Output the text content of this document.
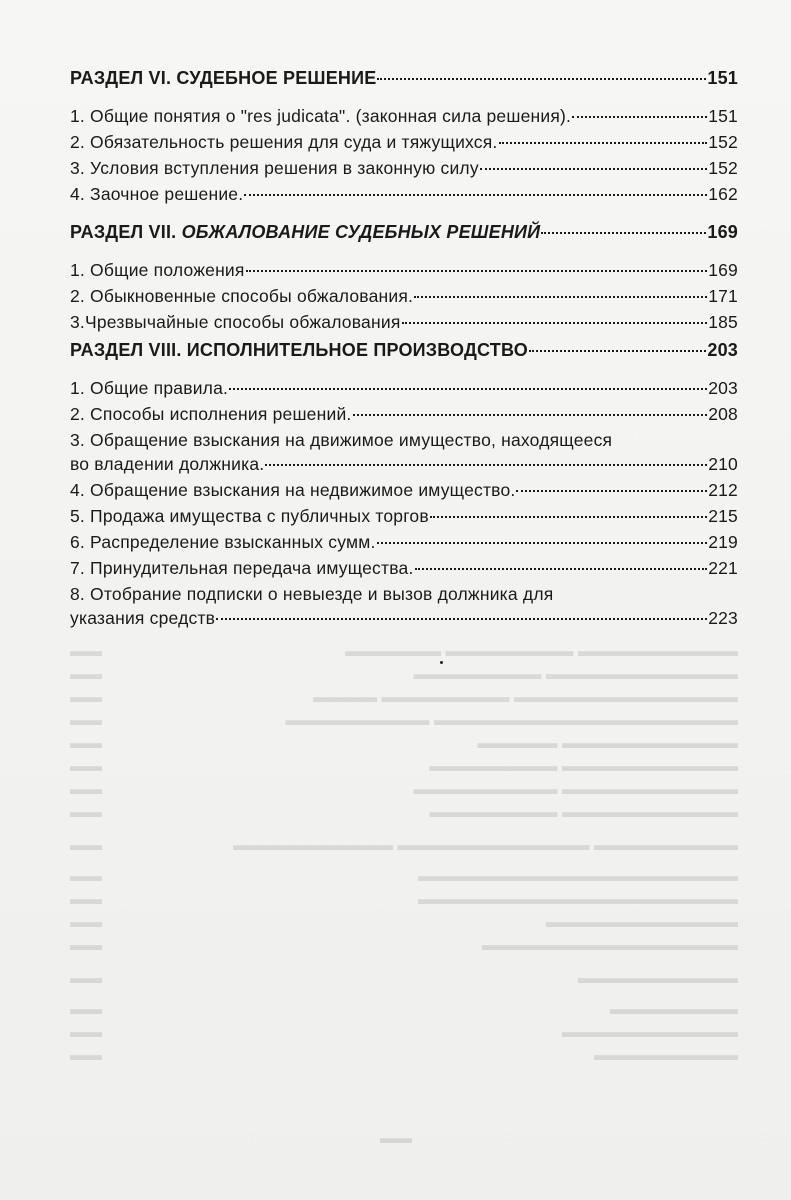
▬▬▬▬▬▬▬▬▬▬ ▬▬▬▬▬▬▬▬ ▬▬▬▬▬▬
▬▬
▬▬▬▬▬▬▬▬▬▬▬▬ ▬▬▬▬▬▬▬▬
▬▬
▬▬▬▬▬▬▬▬▬▬▬▬▬▬ ▬▬▬▬▬▬▬▬ ▬▬▬▬
▬▬
▬▬▬▬▬▬▬▬▬▬▬▬▬▬▬▬▬▬▬ ▬▬▬▬▬▬▬▬▬
▬▬
▬▬▬▬▬▬▬▬▬▬▬ ▬▬▬▬▬
▬▬
▬▬▬▬▬▬▬▬▬▬▬ ▬▬▬▬▬▬▬▬
▬▬
▬▬▬▬▬▬▬▬▬▬▬ ▬▬▬▬▬▬▬▬▬
▬▬
▬▬▬▬▬▬▬▬▬▬▬ ▬▬▬▬▬▬▬▬
▬▬
▬▬▬▬▬▬▬▬▬ ▬▬▬▬▬▬▬▬▬▬▬▬ ▬▬▬▬▬▬▬▬▬▬
▬▬
▬▬▬▬▬▬▬▬▬▬▬▬▬▬▬▬▬▬▬▬
▬▬
▬▬▬▬▬▬▬▬▬▬▬▬▬▬▬▬▬▬▬▬
▬▬
▬▬▬▬▬▬▬▬▬▬▬▬
▬▬
▬▬▬▬▬▬▬▬▬▬▬▬▬▬▬▬
▬▬
▬▬▬▬▬▬▬▬▬▬
▬▬
▬▬▬▬▬▬▬▬
▬▬
▬▬▬▬▬▬▬▬▬▬▬
▬▬
▬▬▬▬▬▬▬▬▬
▬▬
▬▬
РАЗДЕЛ VI. СУДЕБНОЕ РЕШЕНИЕ	151
1. Общие понятия о "res judicata". (законная сила решения).	151
2. Обязательность решения для суда и тяжущихся.	152
3. Условия вступления решения в законную силу	152
4. Заочное решение.	162
РАЗДЕЛ VII. ОБЖАЛОВАНИЕ СУДЕБНЫХ РЕШЕНИЙ	169
1. Общие положения	169
2. Обыкновенные способы обжалования.	171
3.Чрезвычайные способы обжалования	185
РАЗДЕЛ VIII. ИСПОЛНИТЕЛЬНОЕ ПРОИЗВОДСТВО	203
1. Общие правила.	203
2. Способы исполнения решений.	208
3. Обращение взыскания на движимое имущество, находящееся
во владении должника.	210
4. Обращение взыскания на недвижимое имущество.	212
5. Продажа имущества с публичных торгов	215
6. Распределение взысканных сумм.	219
7. Принудительная передача имущества.	221
8. Отобрание подписки о невыезде и вызов должника для
указания средств	223
